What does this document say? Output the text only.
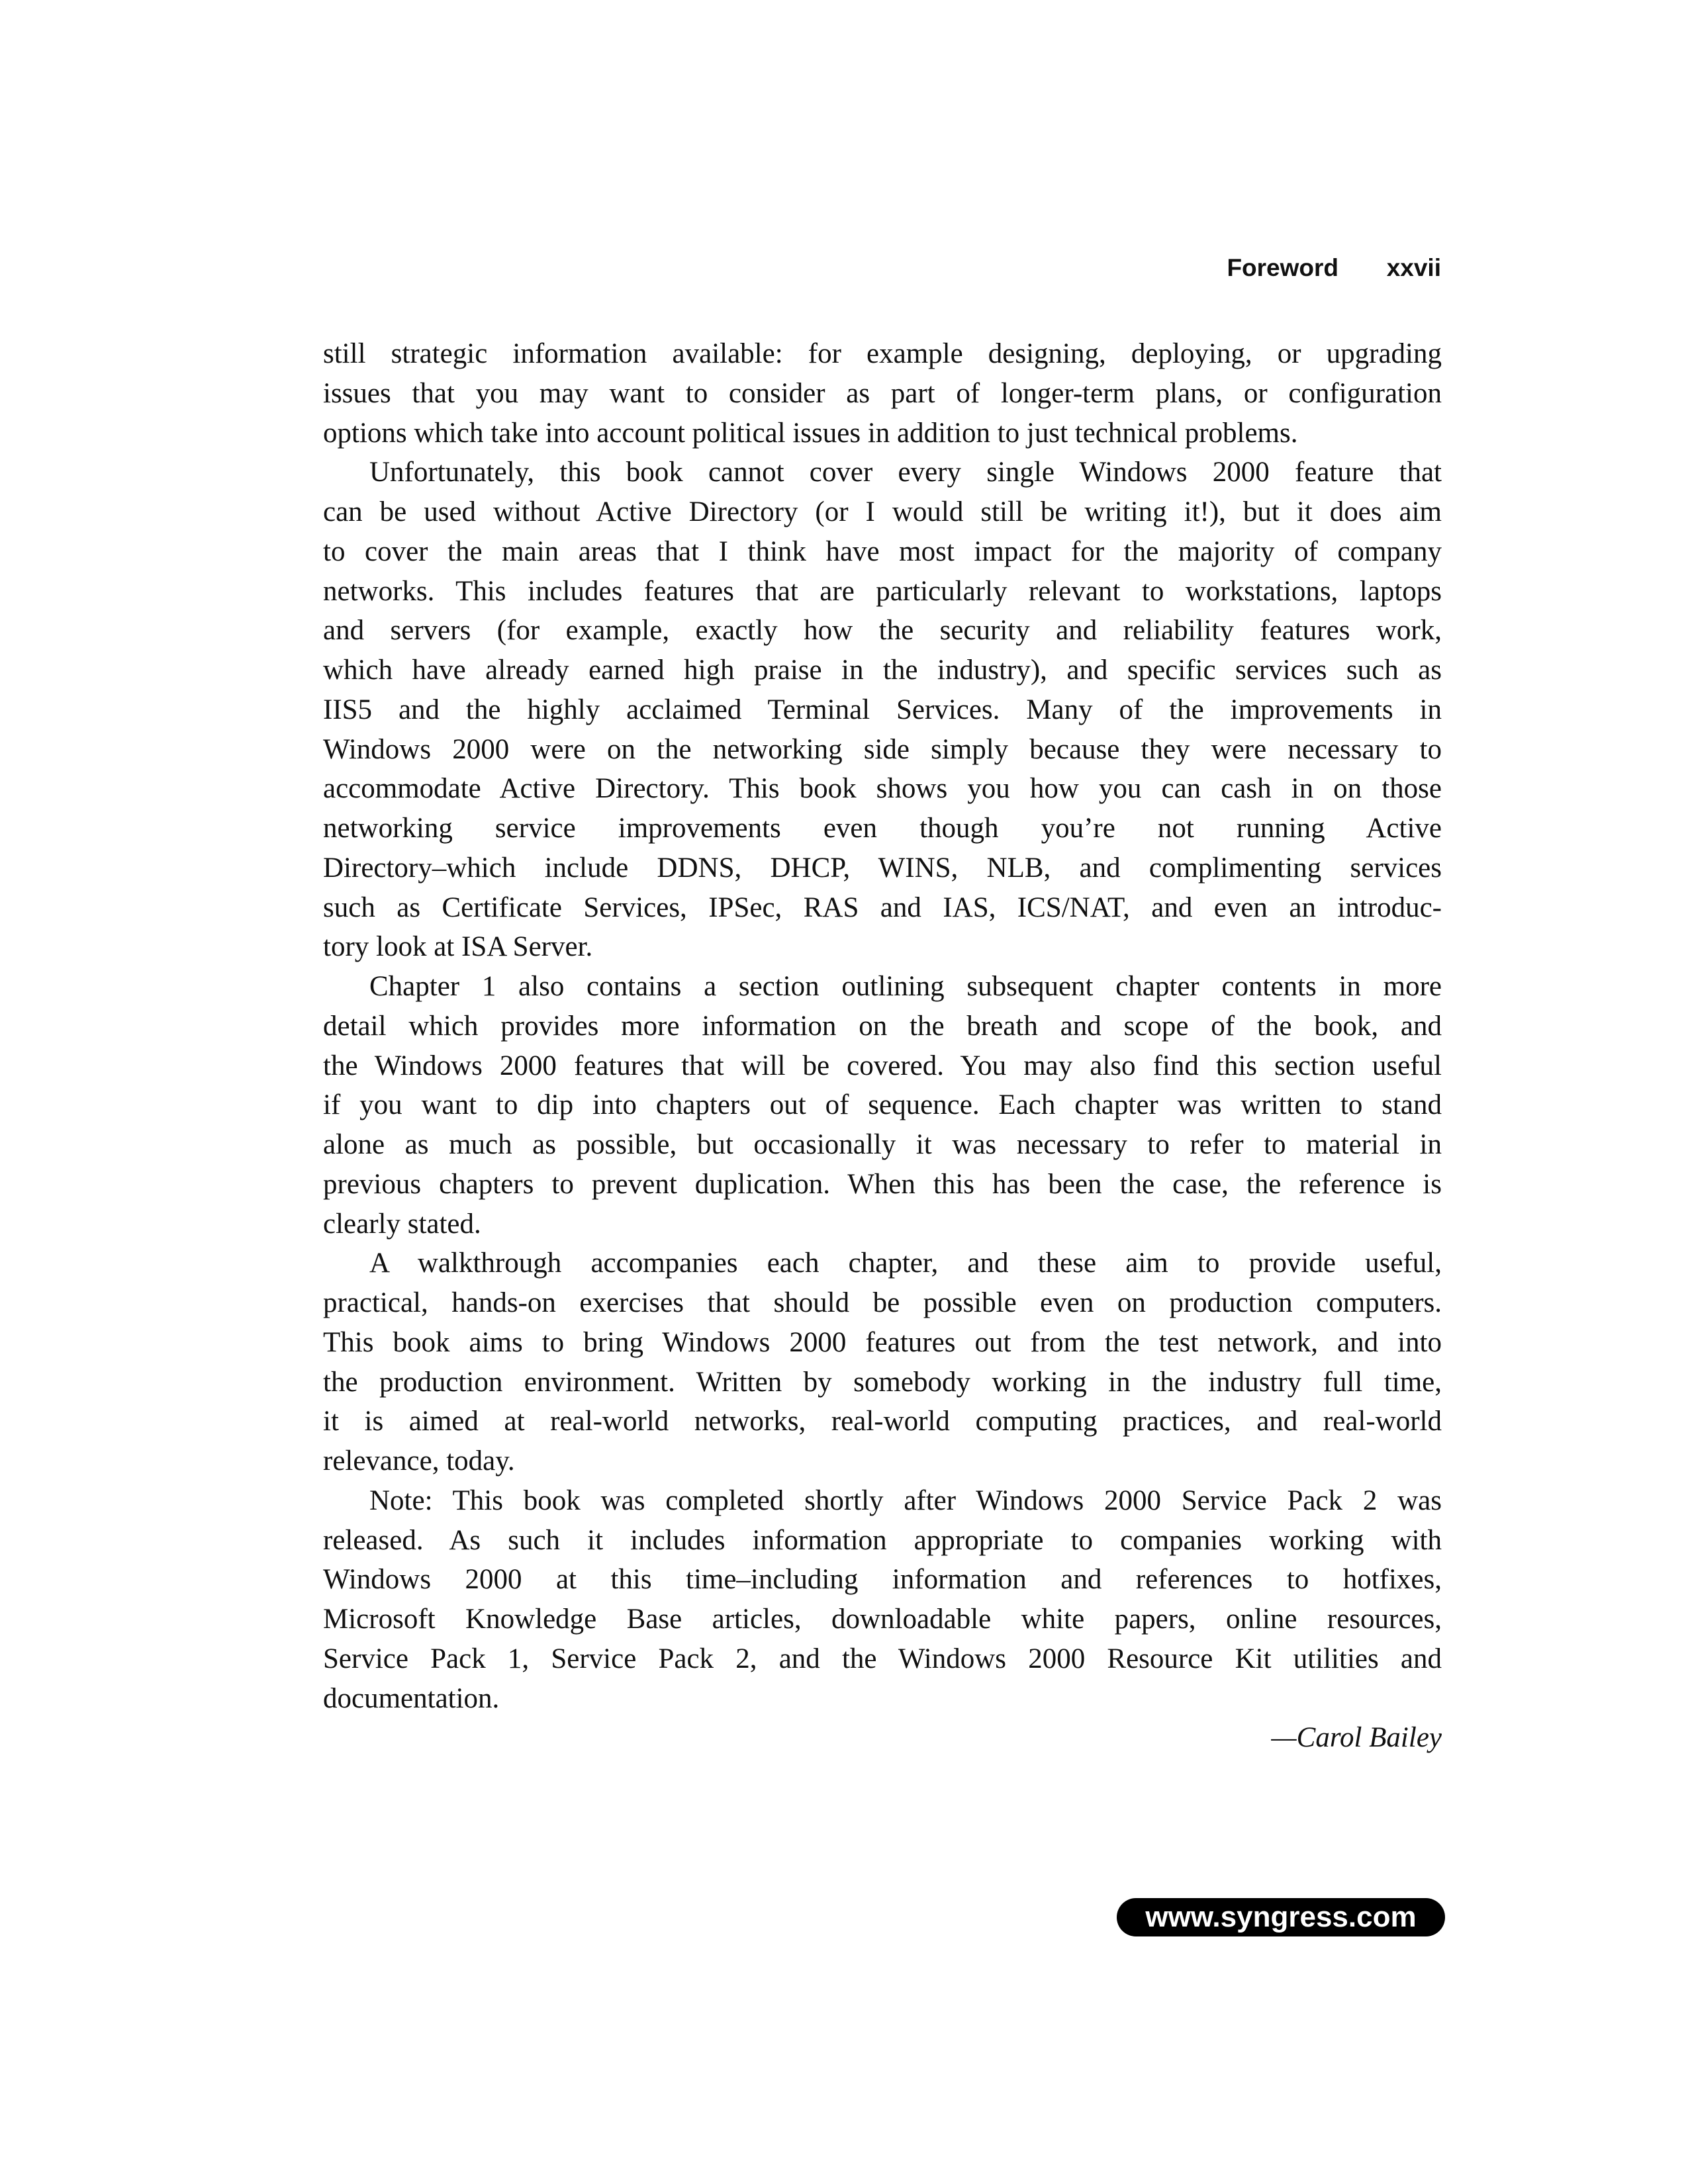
Foreword xxvii
still strategic information available: for example designing, deploying, or upgrading
issues that you may want to consider as part of longer-term plans, or configuration
options which take into account political issues in addition to just technical problems.
Unfortunately, this book cannot cover every single Windows 2000 feature that
can be used without Active Directory (or I would still be writing it!), but it does aim
to cover the main areas that I think have most impact for the majority of company
networks. This includes features that are particularly relevant to workstations, laptops
and servers (for example, exactly how the security and reliability features work,
which have already earned high praise in the industry), and specific services such as
IIS5 and the highly acclaimed Terminal Services. Many of the improvements in
Windows 2000 were on the networking side simply because they were necessary to
accommodate Active Directory. This book shows you how you can cash in on those
networking service improvements even though you’re not running Active
Directory–which include DDNS, DHCP, WINS, NLB, and complimenting services
such as Certificate Services, IPSec, RAS and IAS, ICS/NAT, and even an introduc-
tory look at ISA Server.
Chapter 1 also contains a section outlining subsequent chapter contents in more
detail which provides more information on the breath and scope of the book, and
the Windows 2000 features that will be covered. You may also find this section useful
if you want to dip into chapters out of sequence. Each chapter was written to stand
alone as much as possible, but occasionally it was necessary to refer to material in
previous chapters to prevent duplication. When this has been the case, the reference is
clearly stated.
A walkthrough accompanies each chapter, and these aim to provide useful,
practical, hands-on exercises that should be possible even on production computers.
This book aims to bring Windows 2000 features out from the test network, and into
the production environment. Written by somebody working in the industry full time,
it is aimed at real-world networks, real-world computing practices, and real-world
relevance, today.
Note: This book was completed shortly after Windows 2000 Service Pack 2 was
released. As such it includes information appropriate to companies working with
Windows 2000 at this time–including information and references to hotfixes,
Microsoft Knowledge Base articles, downloadable white papers, online resources,
Service Pack 1, Service Pack 2, and the Windows 2000 Resource Kit utilities and
documentation.
—Carol Bailey
www.syngress.com
